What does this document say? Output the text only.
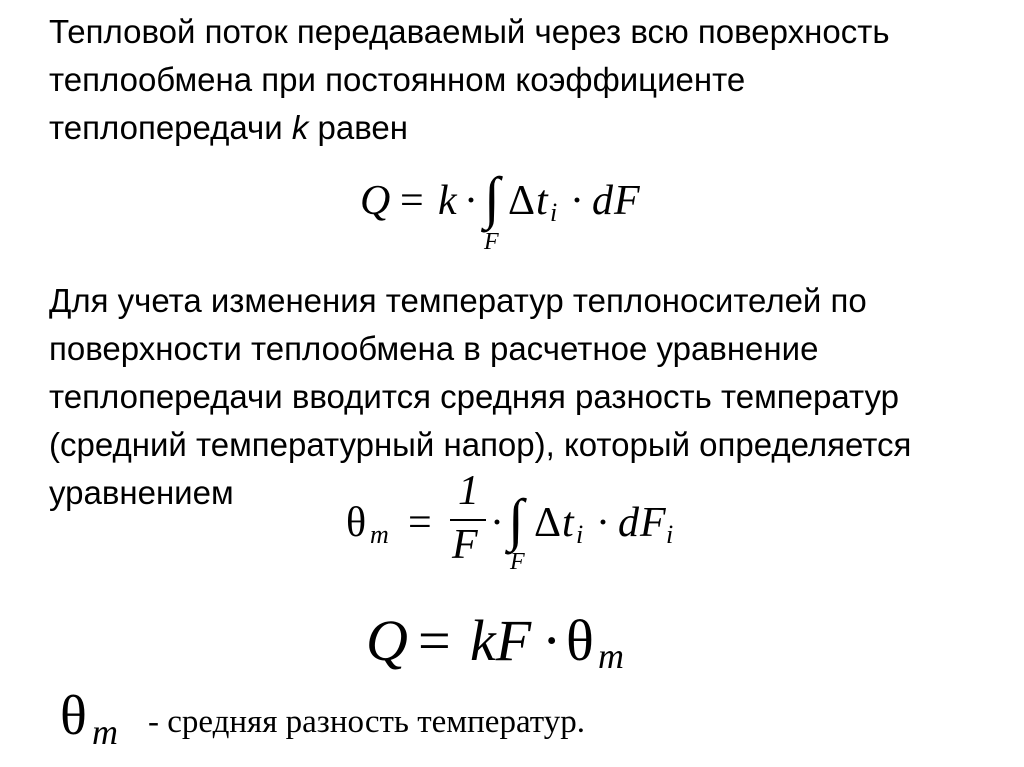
Тепловой поток передаваемый через всю поверхность
теплообмена при постоянном коэффициенте
теплопередачи k равен
Q = k · ∫
F
Δ t i · d F
Для учета изменения температур теплоносителей по
поверхности теплообмена в расчетное уравнение
теплопередачи вводится средняя разность температур
(средний температурный напор), который определяется
уравнением
θ m =
1
F · ∫
F
Δ t i · d F i
Q = kF · θ m
θ m - средняя разность температур.
